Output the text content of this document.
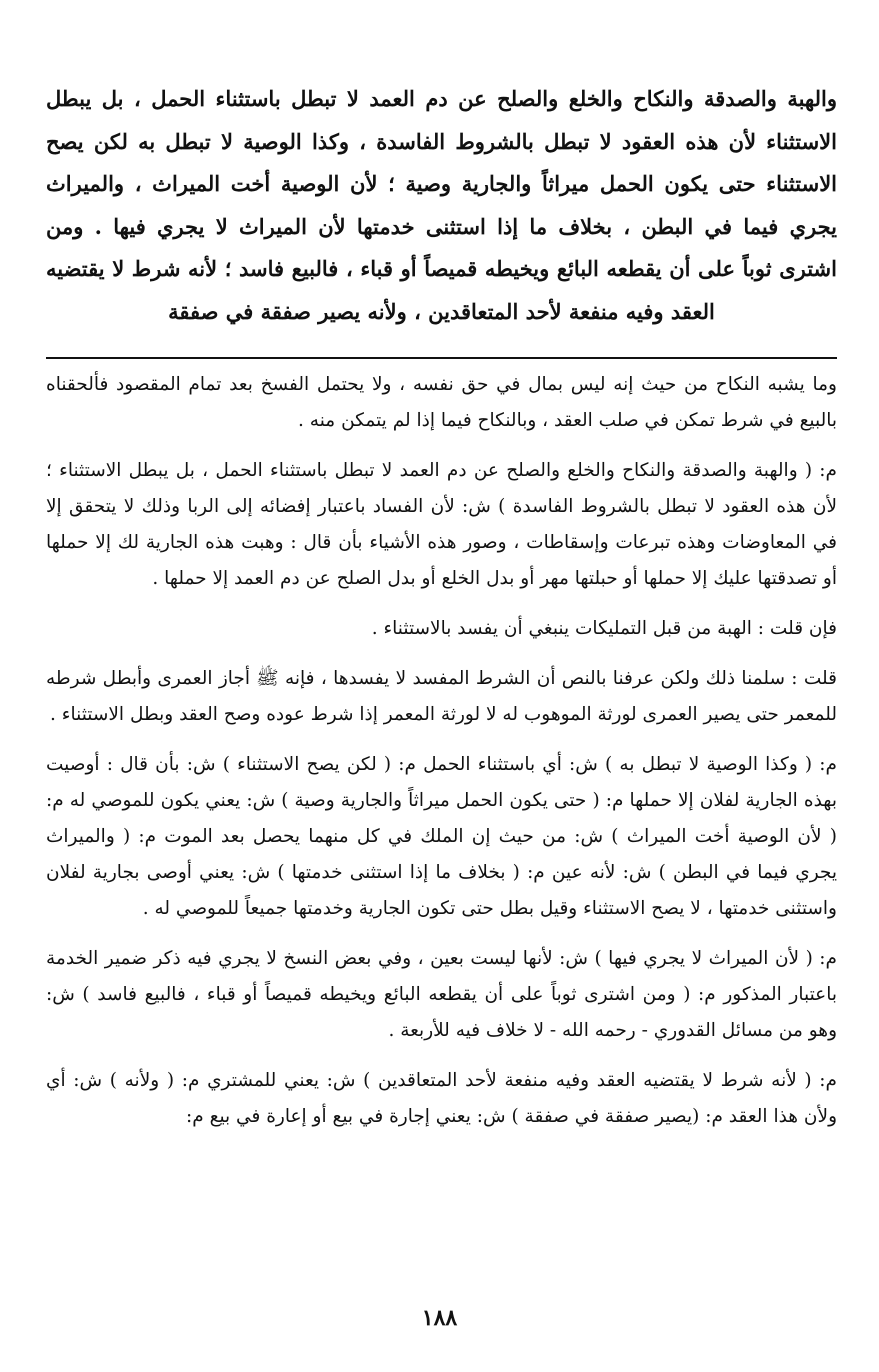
والهبة والصدقة والنكاح والخلع والصلح عن دم العمد لا تبطل باستثناء الحمل ، بل يبطل الاستثناء لأن هذه العقود لا تبطل بالشروط الفاسدة ، وكذا الوصية لا تبطل به لكن يصح الاستثناء حتى يكون الحمل ميراثاً والجارية وصية ؛ لأن الوصية أخت الميراث ، والميراث يجري فيما في البطن ، بخلاف ما إذا استثنى خدمتها لأن الميراث لا يجري فيها . ومن اشترى ثوباً على أن يقطعه البائع ويخيطه قميصاً أو قباء ، فالبيع فاسد ؛ لأنه شرط لا يقتضيه العقد وفيه منفعة لأحد المتعاقدين ، ولأنه يصير صفقة في صفقة

وما يشبه النكاح من حيث إنه ليس بمال في حق نفسه ، ولا يحتمل الفسخ بعد تمام المقصود فألحقناه بالبيع في شرط تمكن في صلب العقد ، وبالنكاح فيما إذا لم يتمكن منه .

م: ( والهبة والصدقة والنكاح والخلع والصلح عن دم العمد لا تبطل باستثناء الحمل ، بل يبطل الاستثناء ؛ لأن هذه العقود لا تبطل بالشروط الفاسدة ) ش: لأن الفساد باعتبار إفضائه إلى الربا وذلك لا يتحقق إلا في المعاوضات وهذه تبرعات وإسقاطات ، وصور هذه الأشياء بأن قال : وهبت هذه الجارية لك إلا حملها أو تصدقتها عليك إلا حملها أو حبلتها مهر أو بدل الخلع أو بدل الصلح عن دم العمد إلا حملها .

فإن قلت : الهبة من قبل التمليكات ينبغي أن يفسد بالاستثناء .

قلت : سلمنا ذلك ولكن عرفنا بالنص أن الشرط المفسد لا يفسدها ، فإنه ﷺ أجاز العمرى وأبطل شرطه للمعمر حتى يصير العمرى لورثة الموهوب له لا لورثة المعمر إذا شرط عوده وصح العقد وبطل الاستثناء .

م: ( وكذا الوصية لا تبطل به ) ش: أي باستثناء الحمل م: ( لكن يصح الاستثناء ) ش: بأن قال : أوصيت بهذه الجارية لفلان إلا حملها م: ( حتى يكون الحمل ميراثاً والجارية وصية ) ش: يعني يكون للموصي له م: ( لأن الوصية أخت الميراث ) ش: من حيث إن الملك في كل منهما يحصل بعد الموت م: ( والميراث يجري فيما في البطن ) ش: لأنه عين م: ( بخلاف ما إذا استثنى خدمتها ) ش: يعني أوصى بجارية لفلان واستثنى خدمتها ، لا يصح الاستثناء وقيل بطل حتى تكون الجارية وخدمتها جميعاً للموصي له .

م: ( لأن الميراث لا يجري فيها ) ش: لأنها ليست بعين ، وفي بعض النسخ لا يجري فيه ذكر ضمير الخدمة باعتبار المذكور م: ( ومن اشترى ثوباً على أن يقطعه البائع ويخيطه قميصاً أو قباء ، فالبيع فاسد ) ش: وهو من مسائل القدوري - رحمه الله - لا خلاف فيه للأربعة .

م: ( لأنه شرط لا يقتضيه العقد وفيه منفعة لأحد المتعاقدين ) ش: يعني للمشتري م: ( ولأنه ) ش: أي ولأن هذا العقد م: (يصير صفقة في صفقة ) ش: يعني إجارة في بيع أو إعارة في بيع م:

١٨٨
